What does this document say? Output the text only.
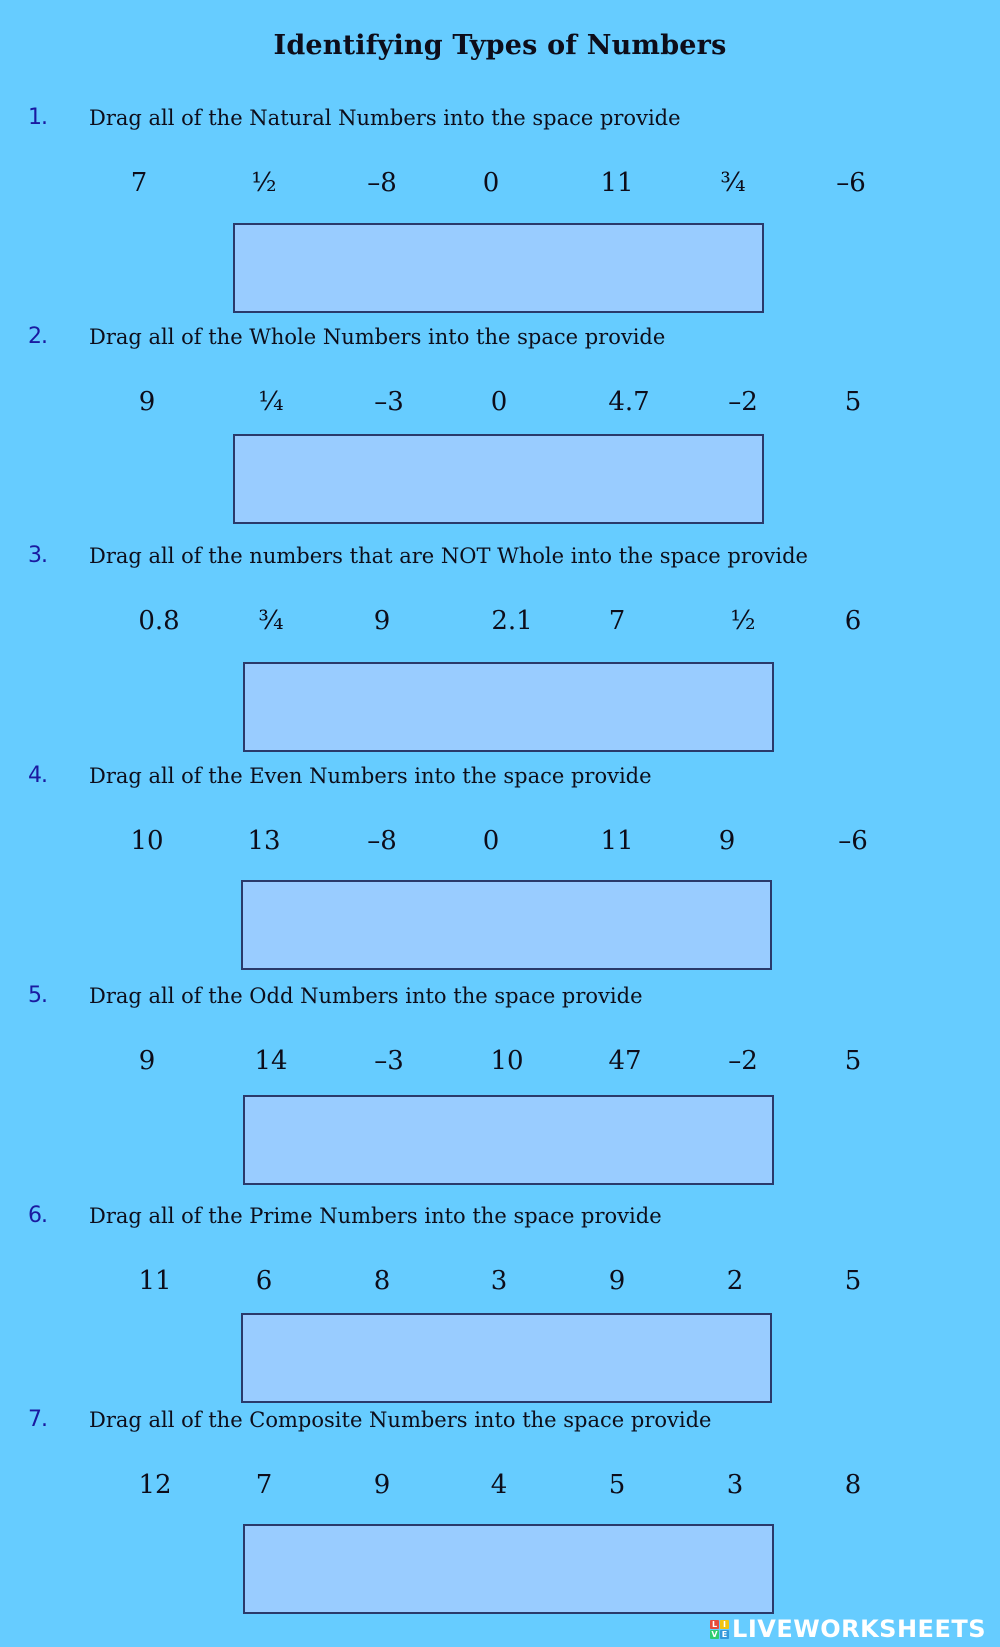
Identifying Types of Numbers
1. Drag all of the Natural Numbers into the space provide
7	½	–8	0	11	¾	–6
2. Drag all of the Whole Numbers into the space provide
9	¼	–3	0	4.7	–2	5
3. Drag all of the numbers that are NOT Whole into the space provide
0.8	¾	9	2.1	7	½	6
4. Drag all of the Even Numbers into the space provide
10	13	–8	0	11	9	–6
5. Drag all of the Odd Numbers into the space provide
9	14	–3	10	47	–2	5
6. Drag all of the Prime Numbers into the space provide
11	6	8	3	9	2	5
7. Drag all of the Composite Numbers into the space provide
12	7	9	4	5	3	8
L I
V E LIVEWORKSHEETS
